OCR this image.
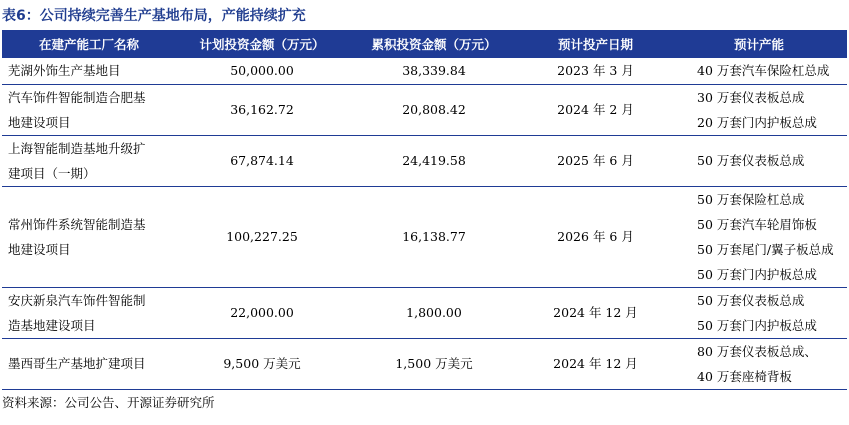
表6：公司持续完善生产基地布局，产能持续扩充
在建产能工厂名称	计划投资金额（万元）	累积投资金额（万元）	预计投产日期	预计产能

芜湖外饰生产基地目	50,000.00	38,339.84	2023 年 3 月	40 万套汽车保险杠总成

汽车饰件智能制造合肥基
地建设项目	36,162.72	20,808.42	2024 年 2 月	30 万套仪表板总成
20 万套门内护板总成

上海智能制造基地升级扩
建项目（一期）	67,874.14	24,419.58	2025 年 6 月	50 万套仪表板总成

常州饰件系统智能制造基
地建设项目	100,227.25	16,138.77	2026 年 6 月	50 万套保险杠总成
50 万套汽车轮眉饰板
50 万套尾门/翼子板总成
50 万套门内护板总成

安庆新泉汽车饰件智能制
造基地建设项目	22,000.00	1,800.00	2024 年 12 月	50 万套仪表板总成
50 万套门内护板总成

墨西哥生产基地扩建项目	9,500 万美元	1,500 万美元	2024 年 12 月	80 万套仪表板总成、
40 万套座椅背板
资料来源：公司公告、开源证券研究所
